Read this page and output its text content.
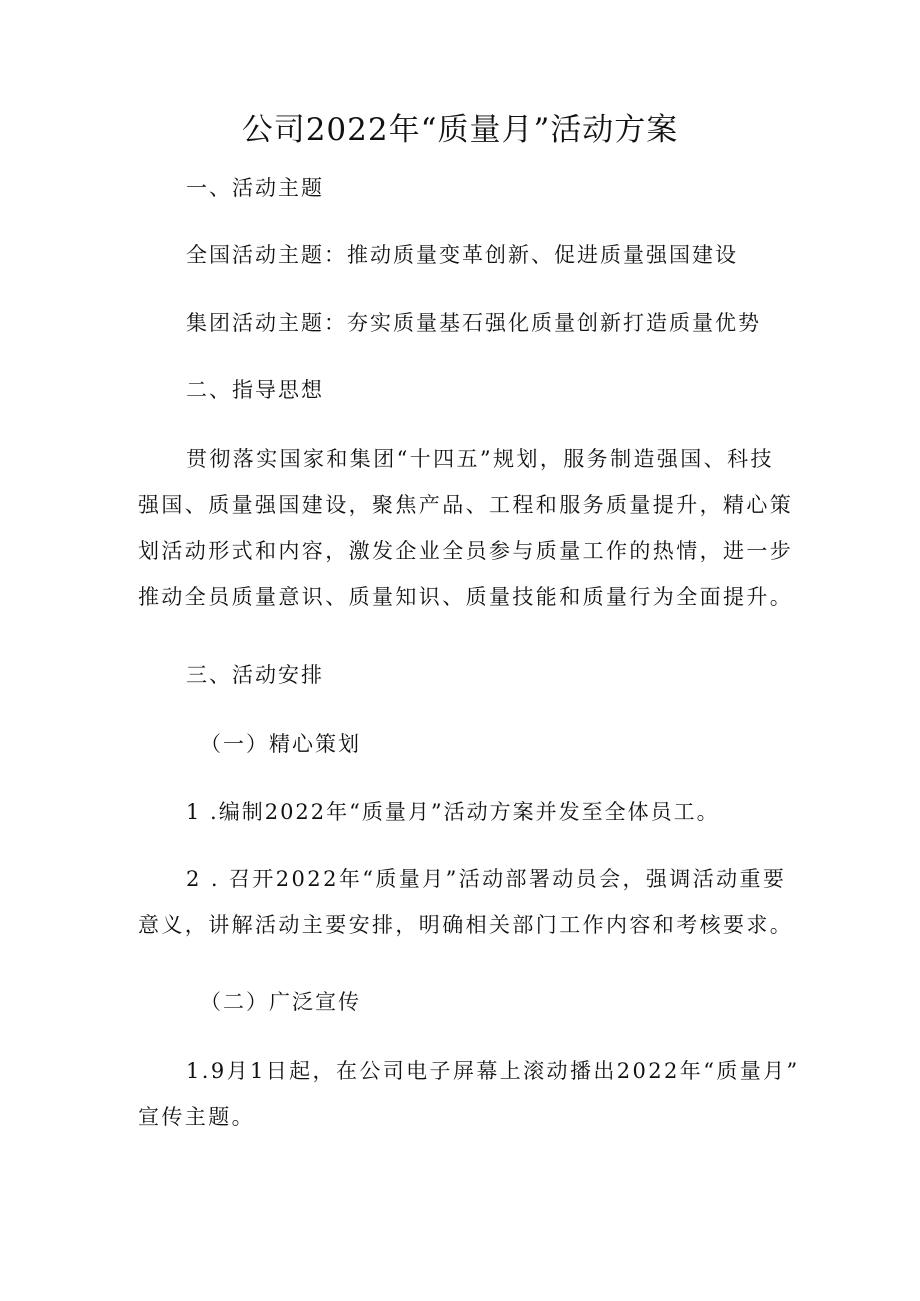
公司2022年“质量月”活动方案
一、活动主题
全国活动主题：推动质量变革创新、促进质量强国建设
集团活动主题：夯实质量基石强化质量创新打造质量优势
二、指导思想
贯彻落实国家和集团“十四五”规划，服务制造强国、科技
强国、质量强国建设，聚焦产品、工程和服务质量提升，精心策
划活动形式和内容，激发企业全员参与质量工作的热情，进一步
推动全员质量意识、质量知识、质量技能和质量行为全面提升。
三、活动安排
（一）精心策划
1 .编制2022年“质量月”活动方案并发至全体员工。
2 . 召开2022年“质量月”活动部署动员会，强调活动重要
意义，讲解活动主要安排，明确相关部门工作内容和考核要求。
（二）广泛宣传
1.9月1日起，在公司电子屏幕上滚动播出2022年“质量月”
宣传主题。
